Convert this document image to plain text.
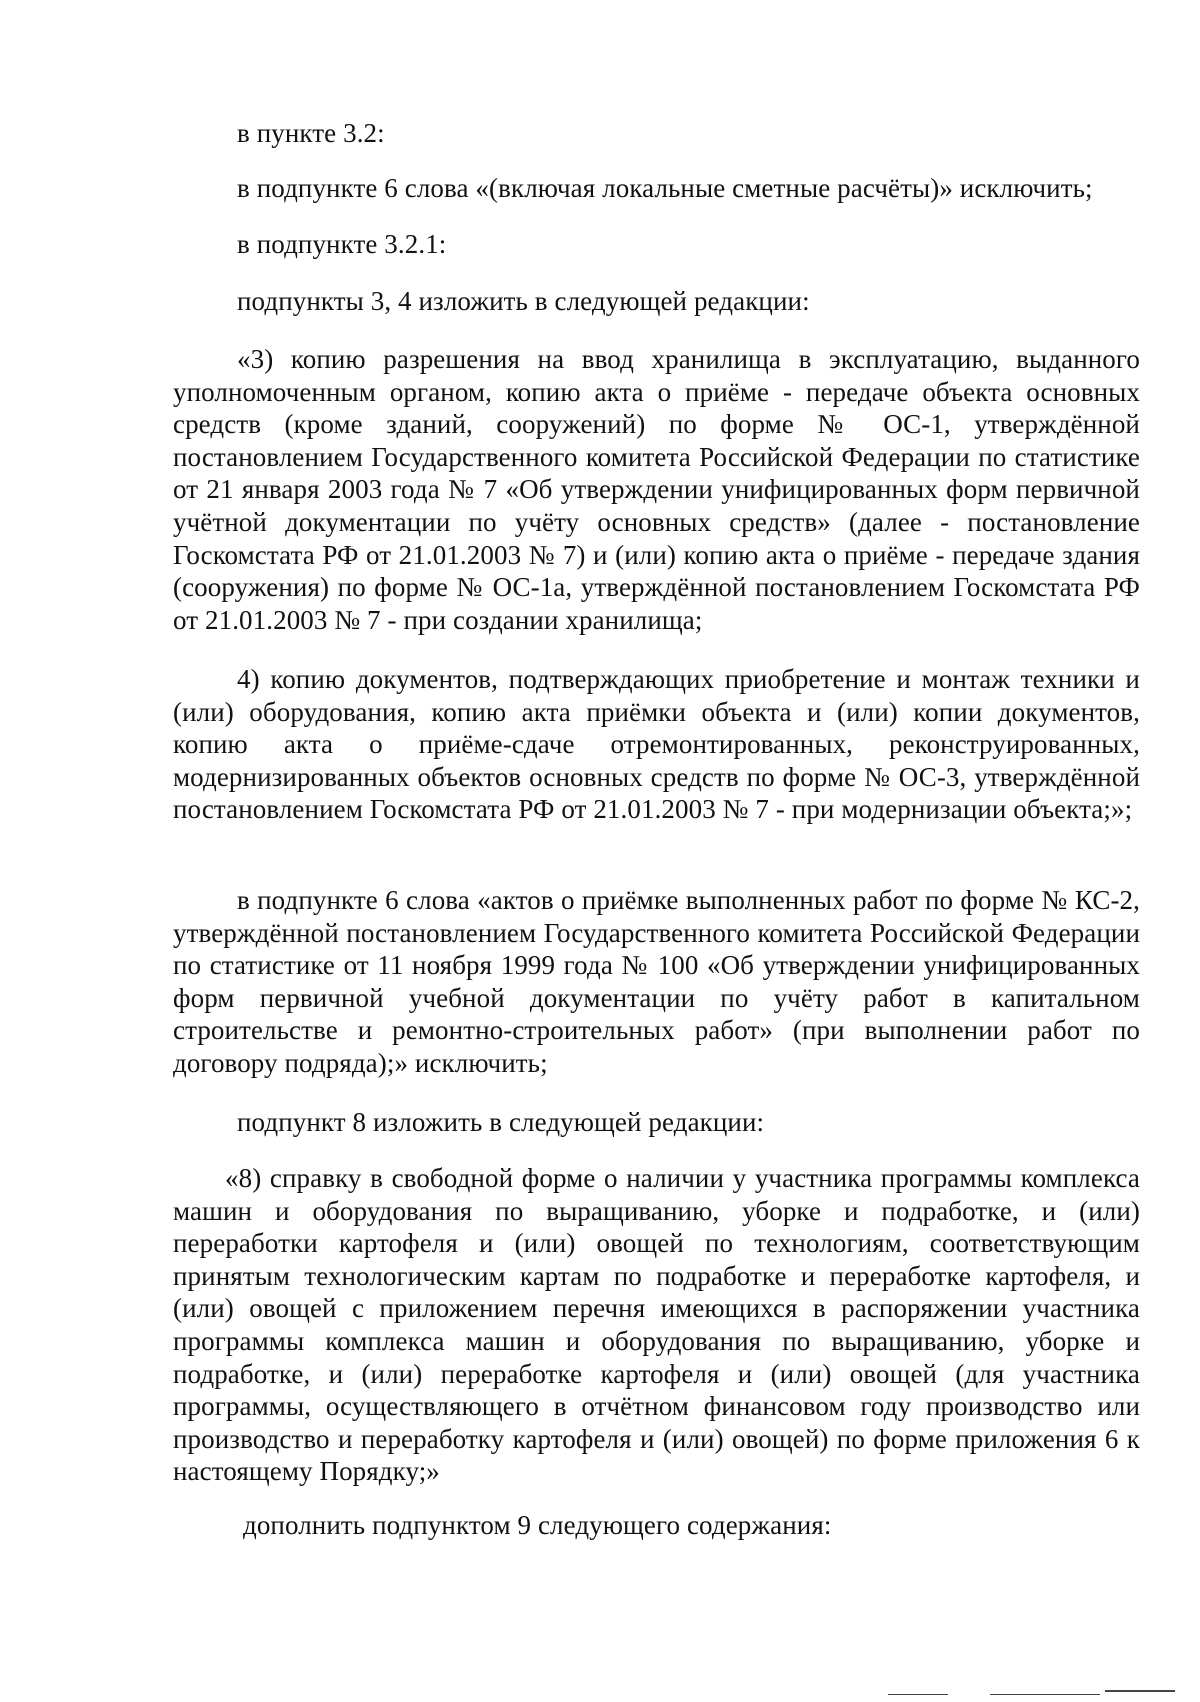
в пункте 3.2:

в подпункте 6 слова «(включая локальные сметные расчёты)» исключить;

в подпункте 3.2.1:

подпункты 3, 4 изложить в следующей редакции:

«3) копию разрешения на ввод хранилища в эксплуатацию, выданного уполномоченным органом, копию акта о приёме - передаче объекта основных средств (кроме зданий, сооружений) по форме № ОС-1, утверждённой постановлением Государственного комитета Российской Федерации по статистике от 21 января 2003 года № 7 «Об утверждении унифицированных форм первичной учётной документации по учёту основных средств» (далее - постановление Госкомстата РФ от 21.01.2003 № 7) и (или) копию акта о приёме - передаче здания (сооружения) по форме № ОС-1а, утверждённой постановлением Госкомстата РФ от 21.01.2003 № 7 - при создании хранилища;

4) копию документов, подтверждающих приобретение и монтаж техники и (или) оборудования, копию акта приёмки объекта и (или) копии документов, копию акта о приёме-сдаче отремонтированных, реконструированных, модернизированных объектов основных средств по форме № ОС-3, утверждённой постановлением Госкомстата РФ от 21.01.2003 № 7 - при модернизации объекта;»;

в подпункте 6 слова «актов о приёмке выполненных работ по форме № КС-2, утверждённой постановлением Государственного комитета Российской Федерации по статистике от 11 ноября 1999 года № 100 «Об утверждении унифицированных форм первичной учебной документации по учёту работ в капитальном строительстве и ремонтно-строительных работ» (при выполнении работ по договору подряда);» исключить;

подпункт 8 изложить в следующей редакции:

«8) справку в свободной форме о наличии у участника программы комплекса машин и оборудования по выращиванию, уборке и подработке, и (или) переработки картофеля и (или) овощей по технологиям, соответствующим принятым технологическим картам по подработке и переработке картофеля, и (или) овощей с приложением перечня имеющихся в распоряжении участника программы комплекса машин и оборудования по выращиванию, уборке и подработке, и (или) переработке картофеля и (или) овощей (для участника программы, осуществляющего в отчётном финансовом году производство или производство и переработку картофеля и (или) овощей) по форме приложения 6 к настоящему Порядку;»

дополнить подпунктом 9 следующего содержания:
